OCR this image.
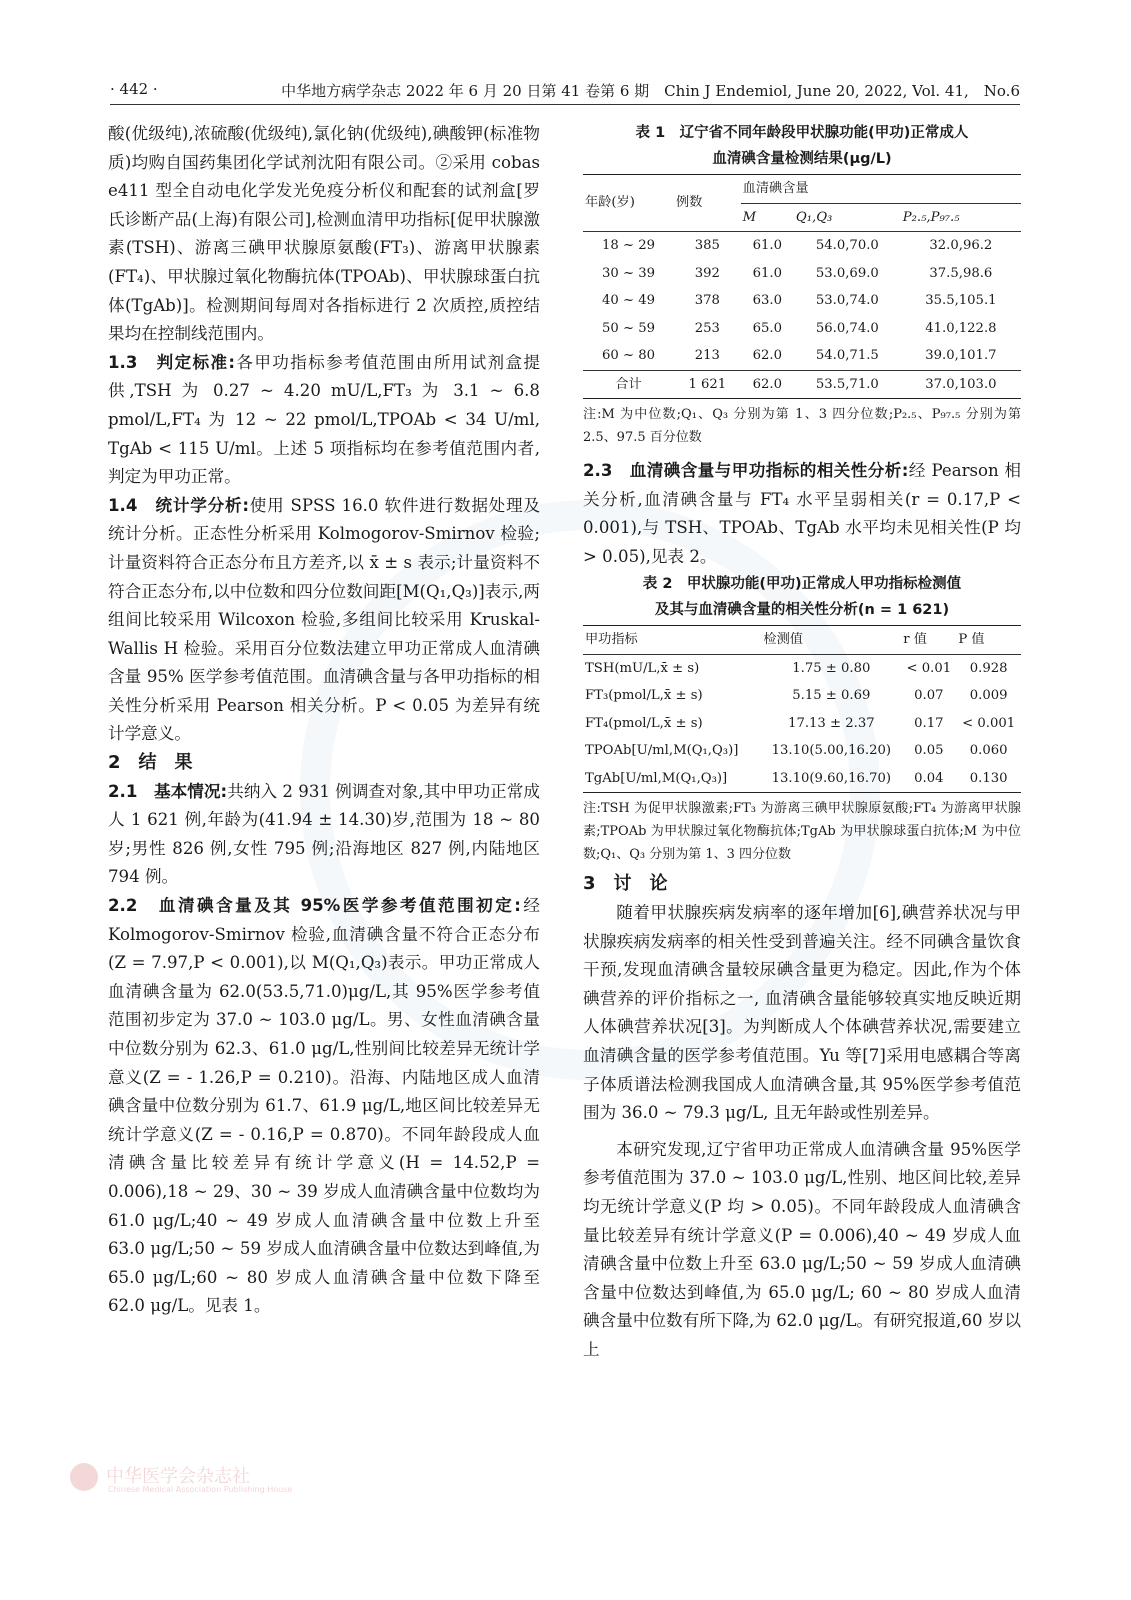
· 442 ·	中华地方病学杂志 2022 年 6 月 20 日第 41 卷第 6 期　Chin J Endemiol, June 20, 2022, Vol. 41,　No.6

酸(优级纯),浓硫酸(优级纯),氯化钠(优级纯),碘酸钾(标准物质)均购自国药集团化学试剂沈阳有限公司。②采用 cobas e411 型全自动电化学发光免疫分析仪和配套的试剂盒[罗氏诊断产品(上海)有限公司],检测血清甲功指标[促甲状腺激素(TSH)、游离三碘甲状腺原氨酸(FT₃)、游离甲状腺素(FT₄)、甲状腺过氧化物酶抗体(TPOAb)、甲状腺球蛋白抗体(TgAb)]。检测期间每周对各指标进行 2 次质控,质控结果均在控制线范围内。

1.3　判定标准:各甲功指标参考值范围由所用试剂盒提供,TSH 为 0.27 ~ 4.20 mU/L,FT₃ 为 3.1 ~ 6.8 pmol/L,FT₄ 为 12 ~ 22 pmol/L,TPOAb < 34 U/ml, TgAb < 115 U/ml。上述 5 项指标均在参考值范围内者,判定为甲功正常。

1.4　统计学分析:使用 SPSS 16.0 软件进行数据处理及统计分析。正态性分析采用 Kolmogorov-Smirnov 检验;计量资料符合正态分布且方差齐,以 x̄ ± s 表示;计量资料不符合正态分布,以中位数和四分位数间距[M(Q₁,Q₃)]表示,两组间比较采用 Wilcoxon 检验,多组间比较采用 Kruskal-Wallis H 检验。采用百分位数法建立甲功正常成人血清碘含量 95% 医学参考值范围。血清碘含量与各甲功指标的相关性分析采用 Pearson 相关分析。P < 0.05 为差异有统计学意义。

2　结　果

2.1　基本情况:共纳入 2 931 例调查对象,其中甲功正常成人 1 621 例,年龄为(41.94 ± 14.30)岁,范围为 18 ~ 80 岁;男性 826 例,女性 795 例;沿海地区 827 例,内陆地区 794 例。

2.2　血清碘含量及其 95%医学参考值范围初定:经 Kolmogorov-Smirnov 检验,血清碘含量不符合正态分布(Z = 7.97,P < 0.001),以 M(Q₁,Q₃)表示。甲功正常成人血清碘含量为 62.0(53.5,71.0)μg/L,其 95%医学参考值范围初步定为 37.0 ~ 103.0 μg/L。男、女性血清碘含量中位数分别为 62.3、61.0 μg/L,性别间比较差异无统计学意义(Z = - 1.26,P = 0.210)。沿海、内陆地区成人血清碘含量中位数分别为 61.7、61.9 μg/L,地区间比较差异无统计学意义(Z = - 0.16,P = 0.870)。不同年龄段成人血清碘含量比较差异有统计学意义(H = 14.52,P = 0.006),18 ~ 29、30 ~ 39 岁成人血清碘含量中位数均为 61.0 μg/L;40 ~ 49 岁成人血清碘含量中位数上升至 63.0 μg/L;50 ~ 59 岁成人血清碘含量中位数达到峰值,为 65.0 μg/L;60 ~ 80 岁成人血清碘含量中位数下降至 62.0 μg/L。见表 1。

表 1　辽宁省不同年龄段甲状腺功能(甲功)正常成人
血清碘含量检测结果(μg/L)
年龄(岁)	例数	血清碘含量		
		M	Q₁,Q₃	P₂.₅,P₉₇.₅
18 ~ 29	385	61.0	54.0,70.0	32.0,96.2
30 ~ 39	392	61.0	53.0,69.0	37.5,98.6
40 ~ 49	378	63.0	53.0,74.0	35.5,105.1
50 ~ 59	253	65.0	56.0,74.0	41.0,122.8
60 ~ 80	213	62.0	54.0,71.5	39.0,101.7
合计	1 621	62.0	53.5,71.0	37.0,103.0
注:M 为中位数;Q₁、Q₃ 分别为第 1、3 四分位数;P₂.₅、P₉₇.₅ 分别为第 2.5、97.5 百分位数

2.3　血清碘含量与甲功指标的相关性分析:经 Pearson 相关分析,血清碘含量与 FT₄ 水平呈弱相关(r = 0.17,P < 0.001),与 TSH、TPOAb、TgAb 水平均未见相关性(P 均 > 0.05),见表 2。

表 2　甲状腺功能(甲功)正常成人甲功指标检测值
及其与血清碘含量的相关性分析(n = 1 621)
甲功指标	检测值	r 值	P 值
TSH(mU/L,x̄ ± s)	1.75 ± 0.80	< 0.01	0.928
FT₃(pmol/L,x̄ ± s)	5.15 ± 0.69	0.07	0.009
FT₄(pmol/L,x̄ ± s)	17.13 ± 2.37	0.17	< 0.001
TPOAb[U/ml,M(Q₁,Q₃)]	13.10(5.00,16.20)	0.05	0.060
TgAb[U/ml,M(Q₁,Q₃)]	13.10(9.60,16.70)	0.04	0.130
注:TSH 为促甲状腺激素;FT₃ 为游离三碘甲状腺原氨酸;FT₄ 为游离甲状腺素;TPOAb 为甲状腺过氧化物酶抗体;TgAb 为甲状腺球蛋白抗体;M 为中位数;Q₁、Q₃ 分别为第 1、3 四分位数

3　讨　论

随着甲状腺疾病发病率的逐年增加[6],碘营养状况与甲状腺疾病发病率的相关性受到普遍关注。经不同碘含量饮食干预,发现血清碘含量较尿碘含量更为稳定。因此,作为个体碘营养的评价指标之一, 血清碘含量能够较真实地反映近期人体碘营养状况[3]。为判断成人个体碘营养状况,需要建立血清碘含量的医学参考值范围。Yu 等[7]采用电感耦合等离子体质谱法检测我国成人血清碘含量,其 95%医学参考值范围为 36.0 ~ 79.3 μg/L, 且无年龄或性别差异。

本研究发现,辽宁省甲功正常成人血清碘含量 95%医学参考值范围为 37.0 ~ 103.0 μg/L,性别、地区间比较,差异均无统计学意义(P 均 > 0.05)。不同年龄段成人血清碘含量比较差异有统计学意义(P = 0.006),40 ~ 49 岁成人血清碘含量中位数上升至 63.0 μg/L;50 ~ 59 岁成人血清碘含量中位数达到峰值,为 65.0 μg/L; 60 ~ 80 岁成人血清碘含量中位数有所下降,为 62.0 μg/L。有研究报道,60 岁以上

中华医学会杂志社
Chinese Medical Association Publishing House
